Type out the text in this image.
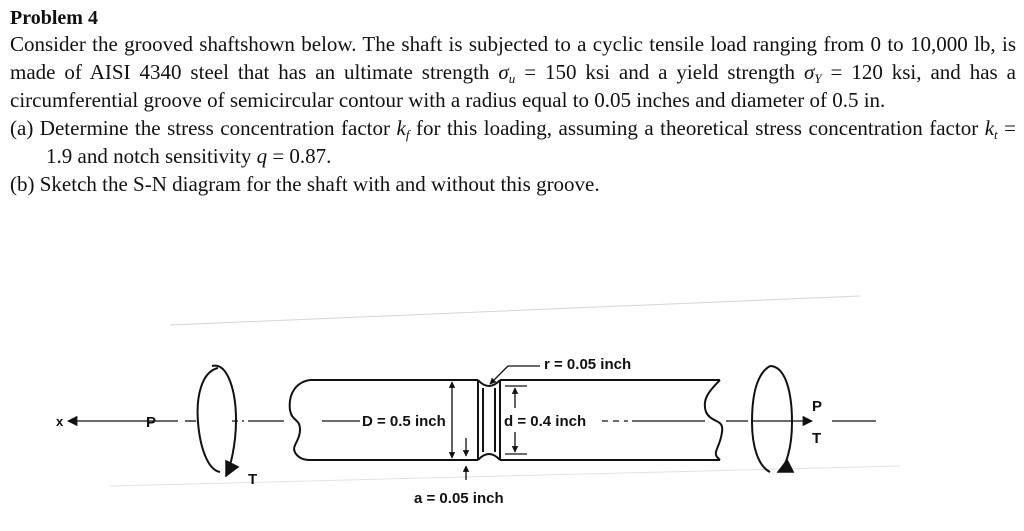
Problem 4

Consider the grooved shaftshown below. The shaft is subjected to a cyclic tensile load ranging from 0 to 10,000 lb, is made of AISI 4340 steel that has an ultimate strength $\sigma_u = 150$ ksi and a yield strength $\sigma_Y = 120$ ksi, and has a circumferential groove of semicircular contour with a radius equal to 0.05 inches and diameter of 0.5 in.

(a) Determine the stress concentration factor $k_f$ for this loading, assuming a theoretical stress concentration factor $k_t = 1.9$ and notch sensitivity q = 0.87.

(b) Sketch the S-N diagram for the shaft with and without this groove.

x	P
T
P
T
D = 0.5 inch	d = 0.4 inch
r = 0.05 inch
a = 0.05 inch
